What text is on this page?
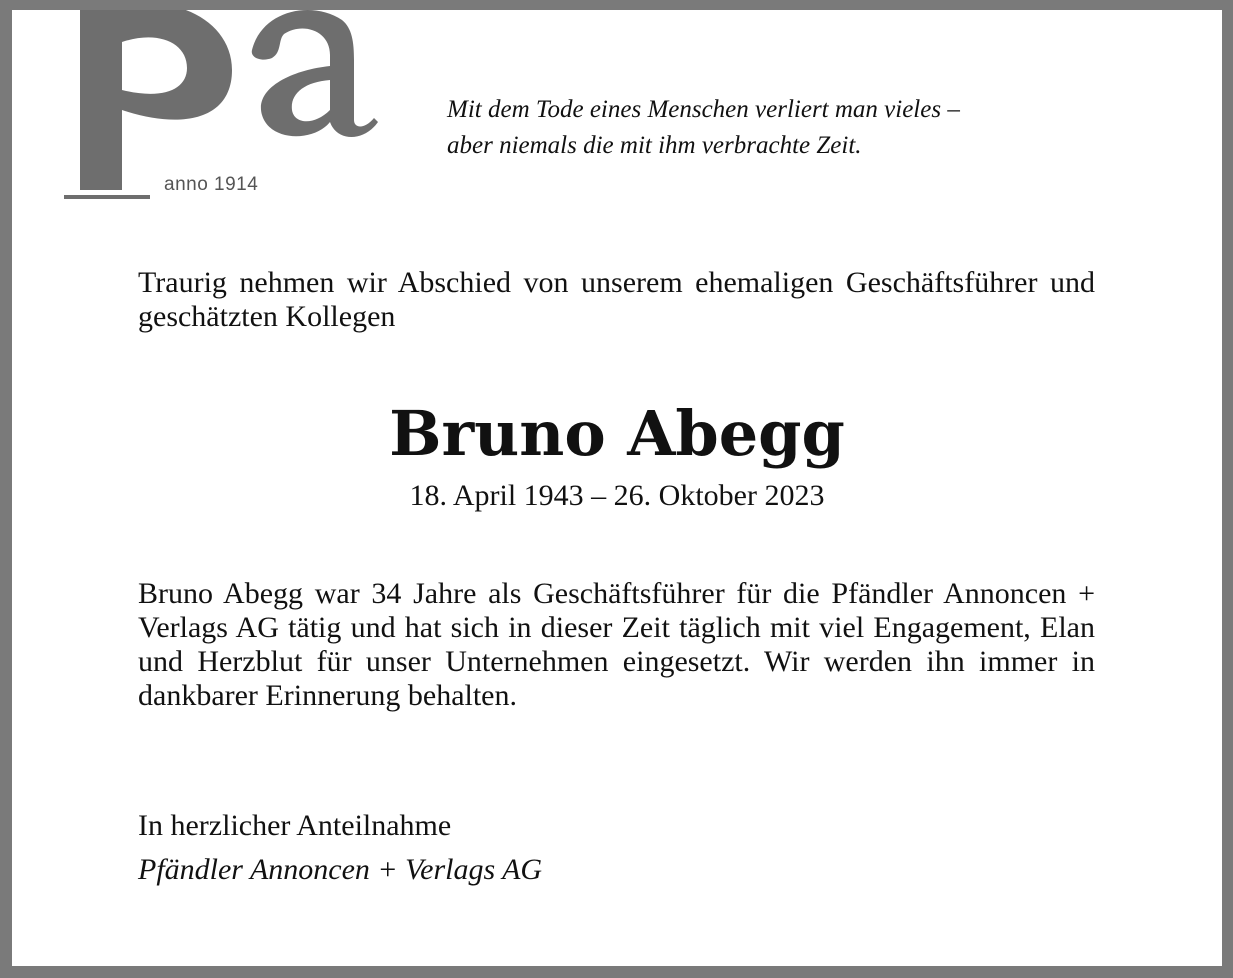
anno 1914
Mit dem Tode eines Menschen verliert man vieles –
aber niemals die mit ihm verbrachte Zeit.
Traurig nehmen wir Abschied von unserem ehemaligen Geschäftsführer und geschätzten Kollegen
Bruno Abegg
18. April 1943 – 26. Oktober 2023
Bruno Abegg war 34 Jahre als Geschäftsführer für die Pfändler Annoncen + Verlags AG tätig und hat sich in dieser Zeit täglich mit viel Engagement, Elan und Herzblut für unser Unternehmen eingesetzt. Wir werden ihn immer in dankbarer Erinnerung behalten.
In herzlicher Anteilnahme
Pfändler Annoncen + Verlags AG
